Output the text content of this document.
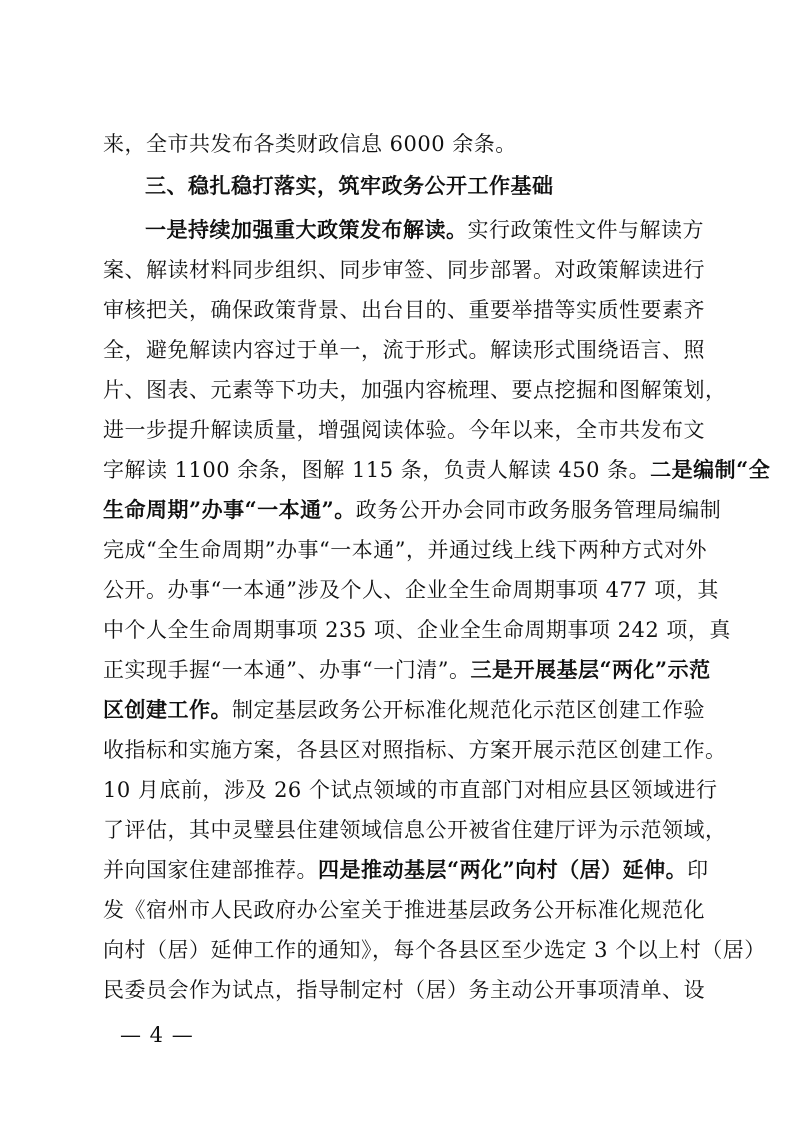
来，全市共发布各类财政信息 6000 余条。
三、稳扎稳打落实，筑牢政务公开工作基础
一是持续加强重大政策发布解读。实行政策性文件与解读方
案、解读材料同步组织、同步审签、同步部署。对政策解读进行
审核把关，确保政策背景、出台目的、重要举措等实质性要素齐
全，避免解读内容过于单一，流于形式。解读形式围绕语言、照
片、图表、元素等下功夫，加强内容梳理、要点挖掘和图解策划，
进一步提升解读质量，增强阅读体验。今年以来，全市共发布文
字解读 1100 余条，图解 115 条，负责人解读 450 条。二是编制“全
生命周期”办事“一本通”。政务公开办会同市政务服务管理局编制
完成“全生命周期”办事“一本通”，并通过线上线下两种方式对外
公开。办事“一本通”涉及个人、企业全生命周期事项 477 项，其
中个人全生命周期事项 235 项、企业全生命周期事项 242 项，真
正实现手握“一本通”、办事“一门清”。三是开展基层“两化”示范
区创建工作。制定基层政务公开标准化规范化示范区创建工作验
收指标和实施方案，各县区对照指标、方案开展示范区创建工作。
10 月底前，涉及 26 个试点领域的市直部门对相应县区领域进行
了评估，其中灵璧县住建领域信息公开被省住建厅评为示范领域，
并向国家住建部推荐。四是推动基层“两化”向村（居）延伸。印
发《宿州市人民政府办公室关于推进基层政务公开标准化规范化
向村（居）延伸工作的通知》，每个各县区至少选定 3 个以上村（居）
民委员会作为试点，指导制定村（居）务主动公开事项清单、设
— 4 —
